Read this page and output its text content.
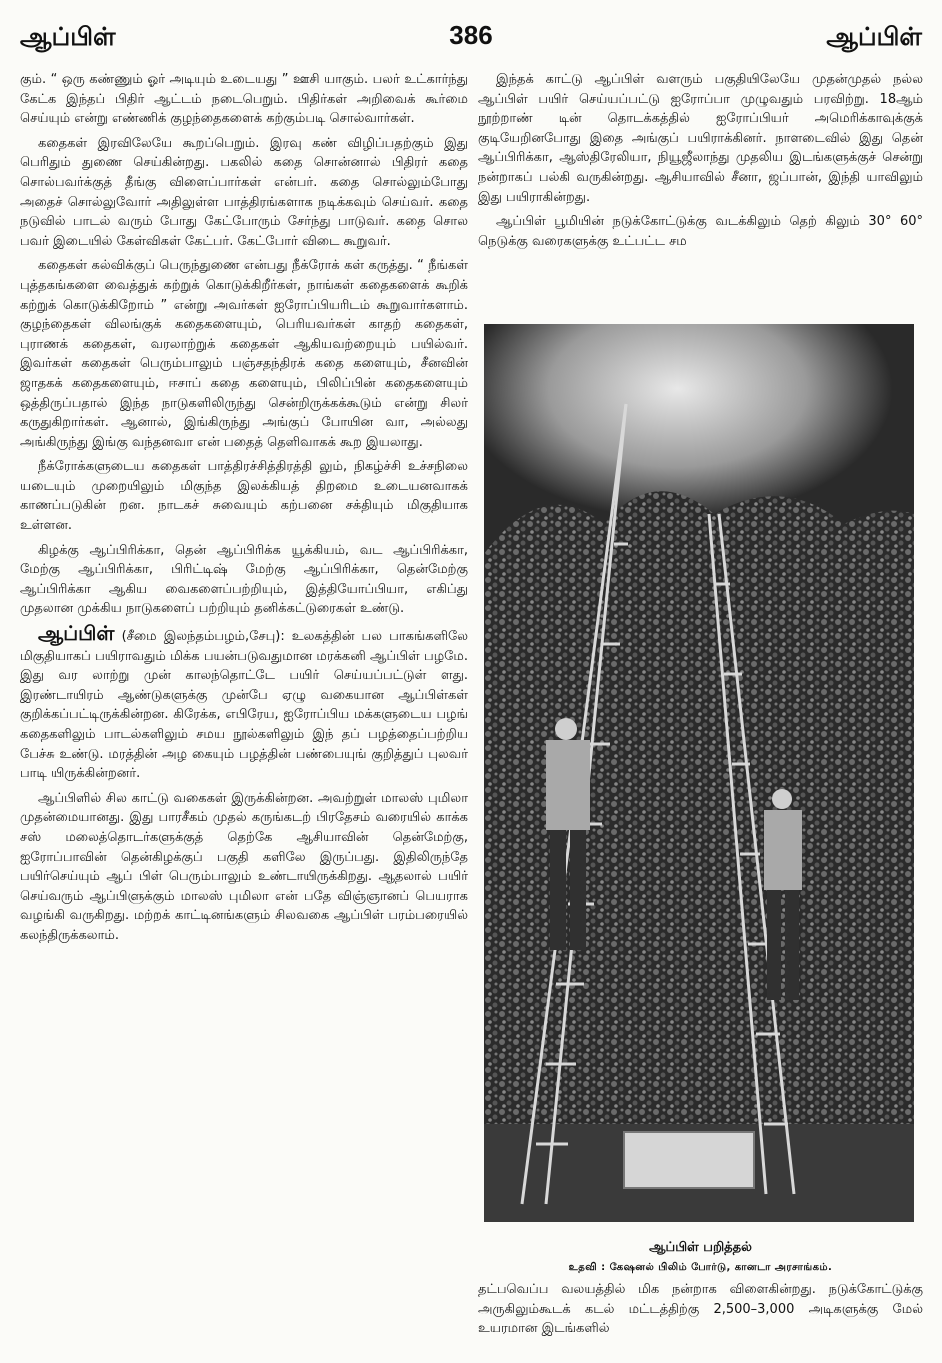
ஆப்பிள்	386	ஆப்பிள்

கும். “ ஒரு கண்ணும் ஓர் அடியும் உடையது ” ஊசி யாகும். பலர் உட்கார்ந்து கேட்க இந்தப் பிதிர் ஆட்டம் நடைபெறும். பிதிர்கள் அறிவைக் கூர்மை செய்யும் என்று எண்ணிக் குழந்தைகளைக் கற்கும்படி சொல்வார்கள்.

கதைகள் இரவிலேயே கூறப்பெறும். இரவு கண் விழிப்பதற்கும் இது பெரிதும் துணை செய்கின்றது. பகலில் கதை சொன்னால் பிதிரர் கதை சொல்பவர்க்குத் தீங்கு விளைப்பார்கள் என்பர். கதை சொல்லும்போது அதைச் சொல்லுவோர் அதிலுள்ள பாத்திரங்களாக நடிக்கவும் செய்வர். கதை நடுவில் பாடல் வரும் போது கேட்போரும் சேர்ந்து பாடுவர். கதை சொல பவர் இடையில் கேள்விகள் கேட்பர். கேட்போர் விடை கூறுவர்.

கதைகள் கல்விக்குப் பெருந்துணை என்பது நீக்ரோக் கள் கருத்து. “ நீங்கள் புத்தகங்களை வைத்துக் கற்றுக் கொடுக்கிறீர்கள், நாங்கள் கதைகளைக் கூறிக் கற்றுக் கொடுக்கிறோம் ” என்று அவர்கள் ஐரோப்பியரிடம் கூறுவார்களாம். குழந்தைகள் விலங்குக் கதைகளையும், பெரியவர்கள் காதற் கதைகள், புராணக் கதைகள், வரலாற்றுக் கதைகள் ஆகியவற்றையும் பயில்வர். இவர்கள் கதைகள் பெரும்பாலும் பஞ்சதந்திரக் கதை களையும், சீனவின் ஜாதகக் கதைகளையும், ஈசாப் கதை களையும், பிலிப்பின் கதைகளையும் ஒத்திருப்பதால் இந்த நாடுகளிலிருந்து சென்றிருக்கக்கூடும் என்று சிலர் கருதுகிறார்கள். ஆனால், இங்கிருந்து அங்குப் போயின வா, அல்லது அங்கிருந்து இங்கு வந்தனவா என் பதைத் தெளிவாகக் கூற இயலாது.

நீக்ரோக்களுடைய கதைகள் பாத்திரச்சித்திரத்தி லும், நிகழ்ச்சி உச்சநிலை யடையும் முறையிலும் மிகுந்த இலக்கியத் திறமை உடையனவாகக் காணப்படுகின் றன. நாடகச் சுவையும் கற்பனை சக்தியும் மிகுதியாக உள்ளன.

கிழக்கு ஆப்பிரிக்கா, தென் ஆப்பிரிக்க யூக்கியம், வட ஆப்பிரிக்கா, மேற்கு ஆப்பிரிக்கா, பிரிட்டிஷ் மேற்கு ஆப்பிரிக்கா, தென்மேற்கு ஆப்பிரிக்கா ஆகிய வைகளைப்பற்றியும், இத்தியோப்பியா, எகிப்து முதலான முக்கிய நாடுகளைப் பற்றியும் தனிக்கட்டுரைகள் உண்டு.

ஆப்பிள் (சீமை இலந்தம்பழம்,சேபு): உலகத்தின் பல பாகங்களிலே மிகுதியாகப் பயிராவதும் மிக்க பயன்படுவதுமான மரக்கனி ஆப்பிள் பழமே. இது வர லாற்று முன் காலந்தொட்டே பயிர் செய்யப்பட்டுள் ளது. இரண்டாயிரம் ஆண்டுகளுக்கு முன்பே ஏழு வகையான ஆப்பிள்கள் குறிக்கப்பட்டிருக்கின்றன. கிரேக்க, எபிரேய, ஐரோப்பிய மக்களுடைய பழங் கதைகளிலும் பாடல்களிலும் சமய நூல்களிலும் இந் தப் பழத்தைப்பற்றிய பேச்சு உண்டு. மரத்தின் அழ கையும் பழத்தின் பண்பையுங் குறித்துப் புலவர் பாடி யிருக்கின்றனர்.

ஆப்பிளில் சில காட்டு வகைகள் இருக்கின்றன. அவற்றுள் மாலஸ் புமிலா முதன்மையானது. இது பாரசீகம் முதல் கருங்கடற் பிரதேசம் வரையில் காக்க சஸ் மலைத்தொடர்களுக்குத் தெற்கே ஆசியாவின் தென்மேற்கு, ஐரோப்பாவின் தென்கிழக்குப் பகுதி களிலே இருப்பது. இதிலிருந்தே பயிர்செய்யும் ஆப் பிள் பெரும்பாலும் உண்டாயிருக்கிறது. ஆதலால் பயிர் செய்வரும் ஆப்பிளுக்கும் மாலஸ் புமிலா என் பதே விஞ்ஞானப் பெயராக வழங்கி வருகிறது. மற்றக் காட்டினங்களும் சிலவகை ஆப்பிள் பரம்பரையில் கலந்திருக்கலாம்.

இந்தக் காட்டு ஆப்பிள் வளரும் பகுதியிலேயே முதன்முதல் நல்ல ஆப்பிள் பயிர் செய்யப்பட்டு ஐரோப்பா முழுவதும் பரவிற்று. 18ஆம் நூற்றாண் டின் தொடக்கத்தில் ஐரோப்பியர் அமெரிக்காவுக்குக் குடியேறினபோது இதை அங்குப் பயிராக்கினர். நாளடைவில் இது தென் ஆப்பிரிக்கா, ஆஸ்திரேலியா, நியூஜீலாந்து முதலிய இடங்களுக்குச் சென்று நன்றாகப் பல்கி வருகின்றது. ஆசியாவில் சீனா, ஜப்பான், இந்தி யாவிலும் இது பயிராகின்றது.

ஆப்பிள் பூமியின் நடுக்கோட்டுக்கு வடக்கிலும் தெற் கிலும் 30° 60° நெடுக்கு வரைகளுக்கு உட்பட்ட சம

ஆப்பிள் பறித்தல்
உதவி : கேஷனல் பிலிம் போர்டு, கானடா அரசாங்கம்.

தட்பவெப்ப வலயத்தில் மிக நன்றாக விளைகின்றது. நடுக்கோட்டுக்கு அருகிலும்கூடக் கடல் மட்டத்திற்கு 2,500–3,000 அடிகளுக்கு மேல் உயரமான இடங்களில்
